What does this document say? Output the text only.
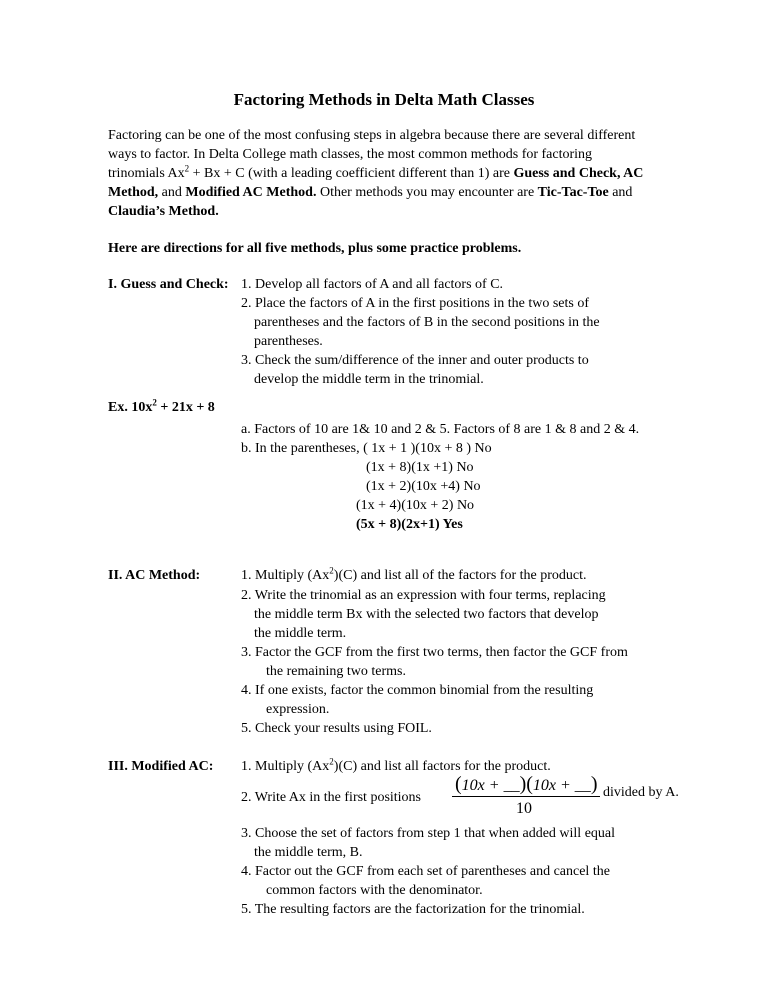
Factoring Methods in Delta Math Classes
Factoring can be one of the most confusing steps in algebra because there are several different
ways to factor. In Delta College math classes, the most common methods for factoring
trinomials $Ax^2 + Bx + C$ (with a leading coefficient different than 1) are Guess and Check, AC
Method, and Modified AC Method. Other methods you may encounter are Tic-Tac-Toe and
Claudia’s Method.
Here are directions for all five methods, plus some practice problems.
I. Guess and Check: 1. Develop all factors of A and all factors of C.
2. Place the factors of A in the first positions in the two sets of
parentheses and the factors of B in the second positions in the
parentheses.
3. Check the sum/difference of the inner and outer products to
develop the middle term in the trinomial.
Ex. $10x^2 + 21x + 8$
a. Factors of 10 are 1& 10 and 2 & 5. Factors of 8 are 1 & 8 and 2 & 4.
b. In the parentheses, ( 1x + 1 )(10x + 8 ) No
(1x + 8)(1x +1) No
(1x + 2)(10x +4) No
(1x + 4)(10x + 2) No
(5x + 8)(2x+1) Yes
II. AC Method:	1. Multiply (Ax$^2$)(C) and list all of the factors for the product.
2. Write the trinomial as an expression with four terms, replacing
the middle term Bx with the selected two factors that develop
the middle term.
3. Factor the GCF from the first two terms, then factor the GCF from
the remaining two terms.
4. If one exists, factor the common binomial from the resulting
expression.
5. Check your results using FOIL.
III. Modified AC: 1. Multiply (Ax$^2$)(C) and list all factors for the product.
2. Write Ax in the first positions
(10x + __)(10x + __)
10
divided by A.
3. Choose the set of factors from step 1 that when added will equal
the middle term, B.
4. Factor out the GCF from each set of parentheses and cancel the
common factors with the denominator.
5. The resulting factors are the factorization for the trinomial.
